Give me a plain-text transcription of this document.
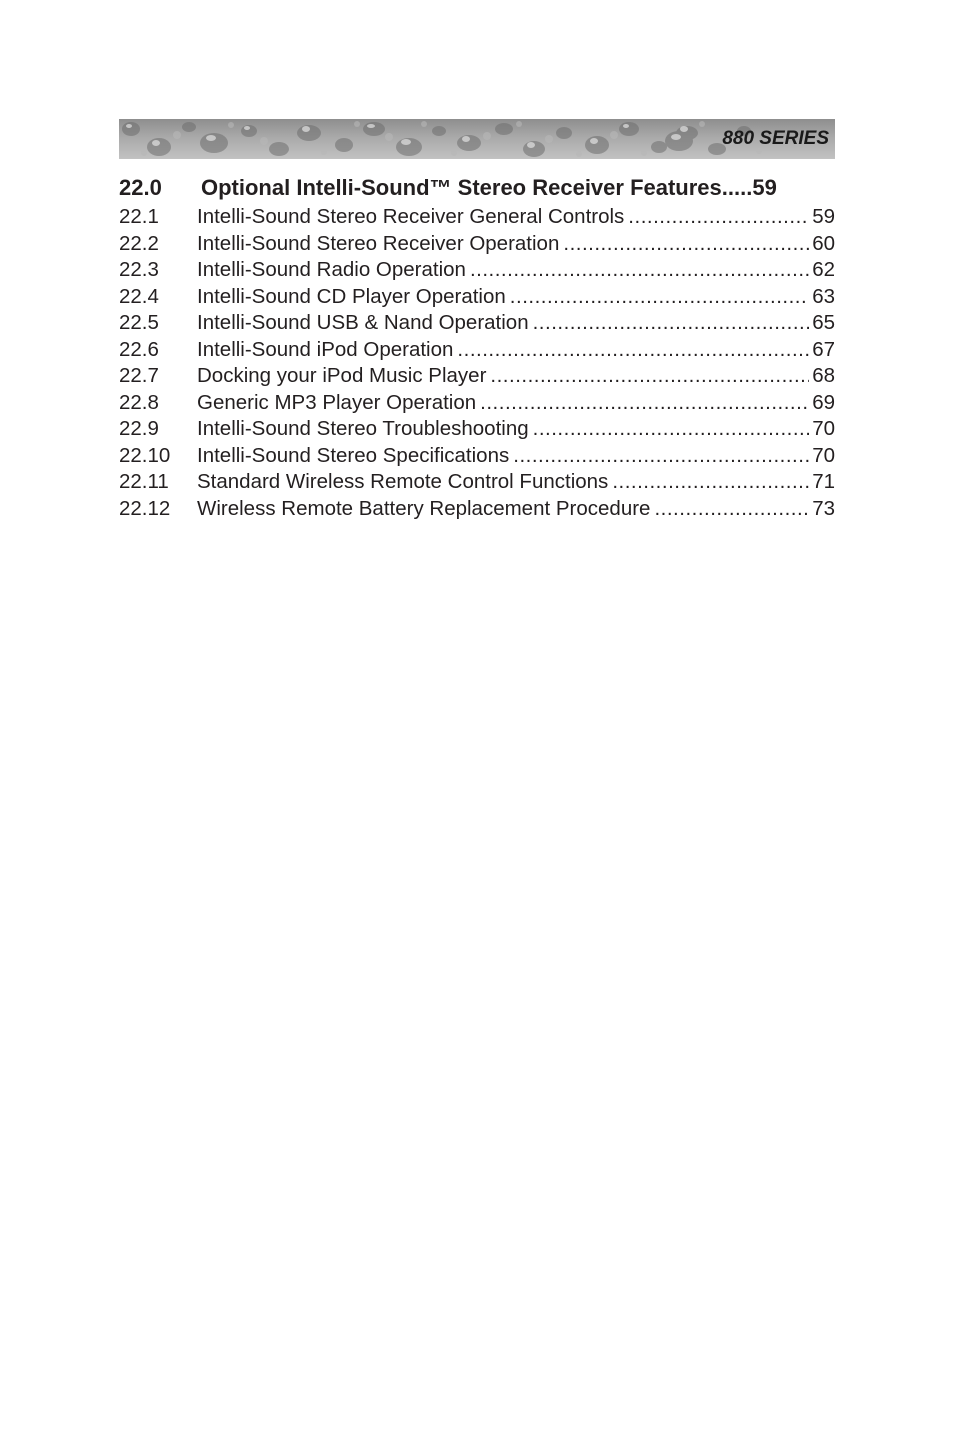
880 SERIES
22.0	Optional Intelli-Sound™ Stereo Receiver Features.....59
22.1	Intelli-Sound Stereo Receiver General Controls .....	59
22.2	Intelli-Sound Stereo Receiver Operation .....	60
22.3	Intelli-Sound Radio Operation .....	62
22.4	Intelli-Sound CD Player Operation .....	63
22.5	Intelli-Sound USB & Nand Operation .....	65
22.6	Intelli-Sound iPod Operation .....	67
22.7	Docking your iPod Music Player .....	68
22.8	Generic MP3 Player Operation .....	69
22.9	Intelli-Sound Stereo Troubleshooting .....	70
22.10	Intelli-Sound Stereo Specifications .....	70
22.11	Standard Wireless Remote Control Functions .....	71
22.12	Wireless Remote Battery Replacement Procedure .....	73
